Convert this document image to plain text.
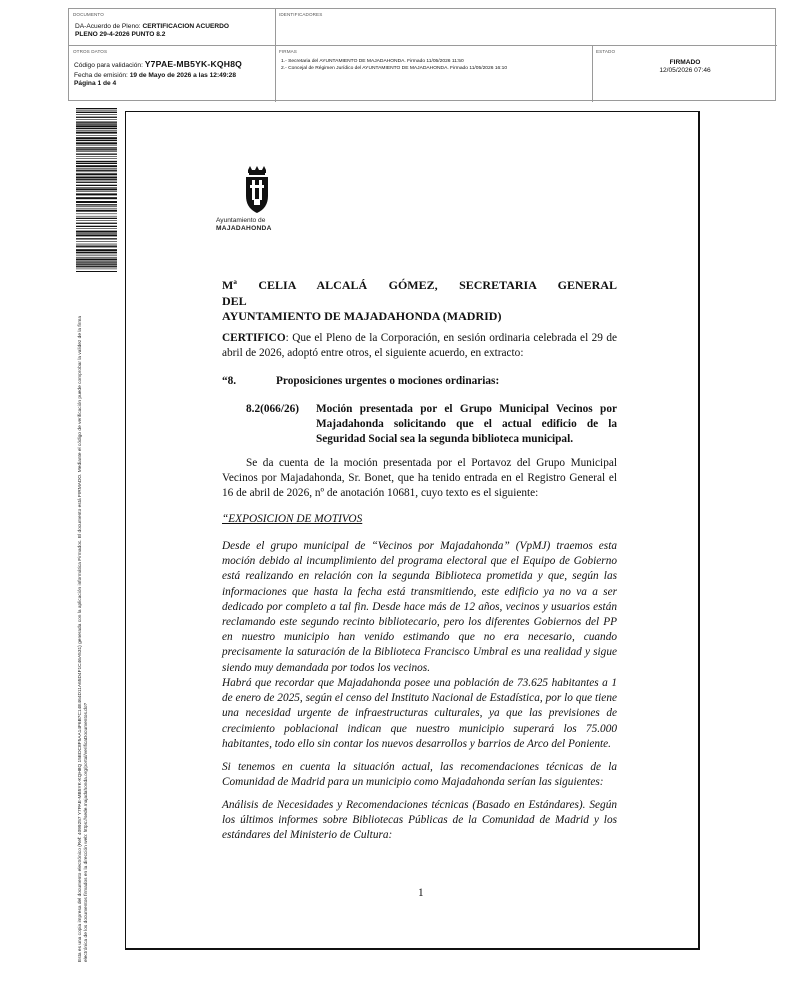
DOCUMENTO
DA-Acuerdo de Pleno: CERTIFICACION ACUERDO
PLENO 29-4-2026 PUNTO 8.2
IDENTIFICADORES
OTROS DATOS
Código para validación: Y7PAE-MB5YK-KQH8Q
Fecha de emisión: 19 de Mayo de 2026 a las 12:49:28
Página 1 de 4
FIRMAS
1.- Secretaria del AYUNTAMIENTO DE MAJADAHONDA. Firmado 11/05/2026 11:50
2.- Concejal de Régimen Jurídico del AYUNTAMIENTO DE MAJADAHONDA. Firmado 11/05/2026 16:10
ESTADO
FIRMADO
12/05/2026 07:46
Esta es una copia impresa del documento electrónico (Ref: 4099257 Y7PAE-MB5YK-KQH8Q 15EDC8F5AA14F6B7C14E464D11A65D4F1C46A531) generada con la aplicación informática Firmadoc. El documento está FIRMADO. Mediante el código de verificación puede comprobar la validez de la firma electrónica de los documentos firmados en la dirección web: https://sede.majadahonda.org/portal/verificaDocumentos.do?
Ayuntamiento de
MAJADAHONDA
Mª CELIA ALCALÁ GÓMEZ, SECRETARIA GENERAL DEL
AYUNTAMIENTO DE MAJADAHONDA (MADRID)
CERTIFICO: Que el Pleno de la Corporación, en sesión ordinaria celebrada el 29 de abril de 2026, adoptó entre otros, el siguiente acuerdo, en extracto:
“8.	Proposiciones urgentes o mociones ordinarias:
8.2(066/26) Moción presentada por el Grupo Municipal Vecinos por Majadahonda solicitando que el actual edificio de la Seguridad Social sea la segunda biblioteca municipal.
Se da cuenta de la moción presentada por el Portavoz del Grupo Municipal Vecinos por Majadahonda, Sr. Bonet, que ha tenido entrada en el Registro General el 16 de abril de 2026, nº de anotación 10681, cuyo texto es el siguiente:
“EXPOSICION DE MOTIVOS
Desde el grupo municipal de “Vecinos por Majadahonda” (VpMJ) traemos esta moción debido al incumplimiento del programa electoral que el Equipo de Gobierno está realizando en relación con la segunda Biblioteca prometida y que, según las informaciones que hasta la fecha está transmitiendo, este edificio ya no va a ser dedicado por completo a tal fin. Desde hace más de 12 años, vecinos y usuarios están reclamando este segundo recinto bibliotecario, pero los diferentes Gobiernos del PP en nuestro municipio han venido estimando que no era necesario, cuando precisamente la saturación de la Biblioteca Francisco Umbral es una realidad y sigue siendo muy demandada por todos los vecinos.
Habrá que recordar que Majadahonda posee una población de 73.625 habitantes a 1 de enero de 2025, según el censo del Instituto Nacional de Estadística, por lo que tiene una necesidad urgente de infraestructuras culturales, ya que las previsiones de crecimiento poblacional indican que nuestro municipio superará los 75.000 habitantes, todo ello sin contar los nuevos desarrollos y barrios de Arco del Poniente.
Si tenemos en cuenta la situación actual, las recomendaciones técnicas de la Comunidad de Madrid para un municipio como Majadahonda serían las siguientes:
Análisis de Necesidades y Recomendaciones técnicas (Basado en Estándares). Según los últimos informes sobre Bibliotecas Públicas de la Comunidad de Madrid y los estándares del Ministerio de Cultura:
1
